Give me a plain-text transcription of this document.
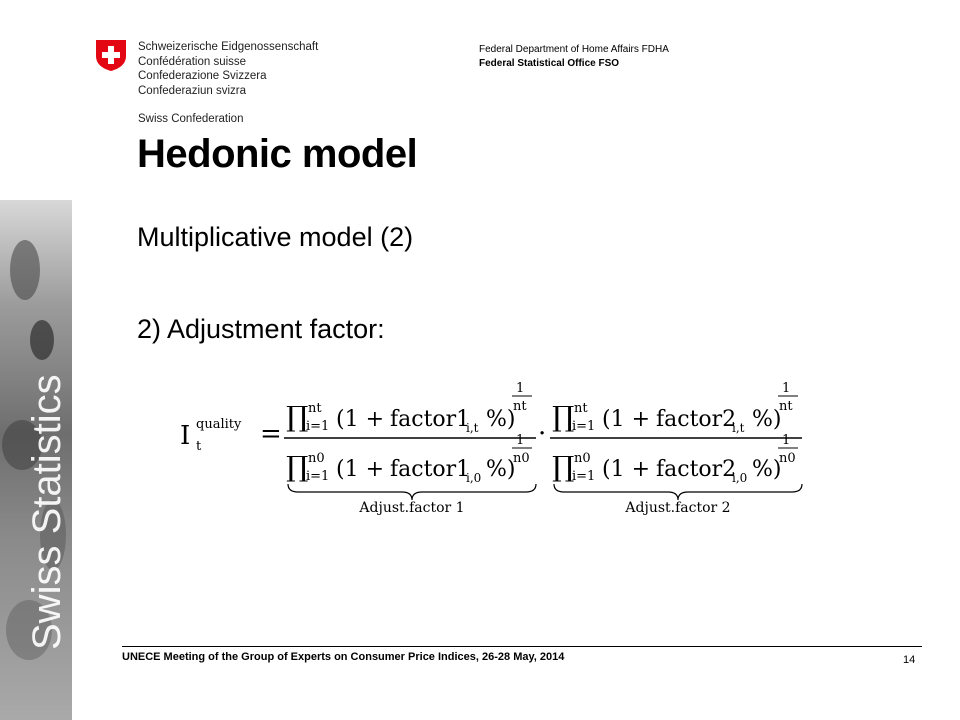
Swiss Statistics
Schweizerische Eidgenossenschaft
Confédération suisse
Confederazione Svizzera
Confederaziun svizra
Swiss Confederation
Federal Department of Home Affairs FDHA
Federal Statistical Office FSO
Hedonic model
Multiplicative model (2)
2) Adjustment factor:
I quality
t =
∏ nt
i=1 (1 + factor1
i,t %)
1
nt
∏ n0
i=1 (1 + factor1
i,0 %)
1
n0
Adjust.factor 1
·
∏ nt
i=1 (1 + factor2
i,t %)
1
nt
∏ n0
i=1 (1 + factor2
i,0 %)
1
n0
Adjust.factor 2
UNECE Meeting of the Group of Experts on Consumer Price Indices, 26-28 May, 2014	14
